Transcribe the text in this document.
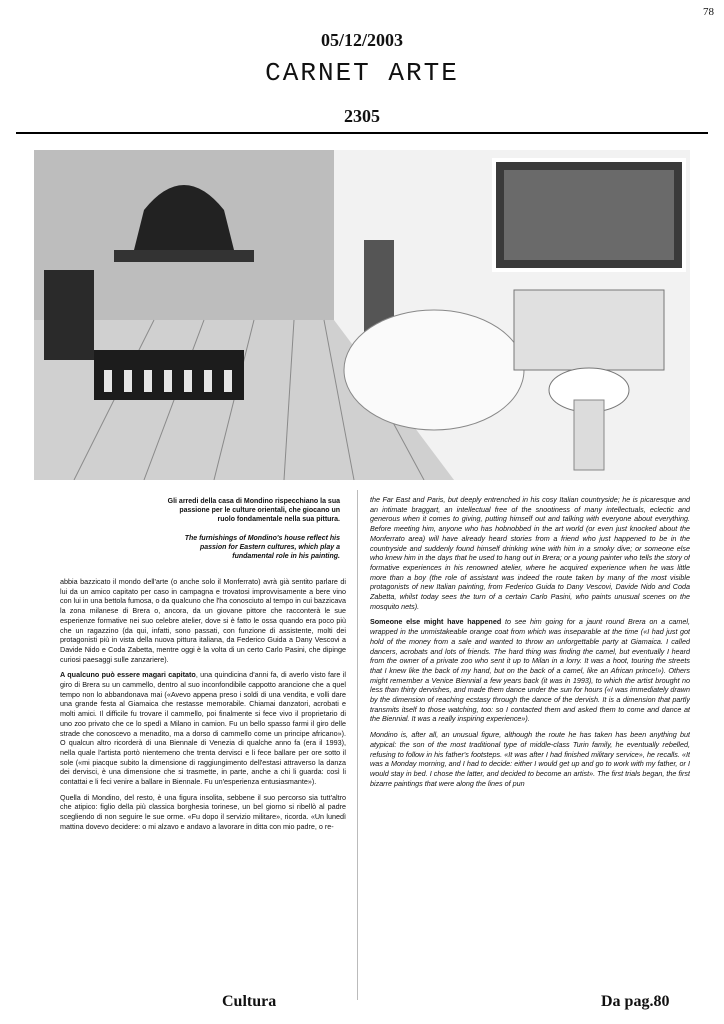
78
05/12/2003
CARNET ARTE
2305
Gli arredi della casa di Mondino rispecchiano la sua passione per le culture orientali, che giocano un ruolo fondamentale nella sua pittura.
The furnishings of Mondino's house reflect his passion for Eastern cultures, which play a fundamental role in his painting.

abbia bazzicato il mondo dell'arte (o anche solo il Monferrato) avrà già sentito parlare di lui da un amico capitato per caso in campagna e trovatosi improvvisamente a bere vino con lui in una bettola fumosa, o da qualcuno che l'ha conosciuto al tempo in cui bazzicava la zona milanese di Brera o, ancora, da un giovane pittore che racconterà le sue esperienze formative nei suo celebre atelier, dove si è fatto le ossa quando era poco più che un ragazzino (da qui, infatti, sono passati, con funzione di assistente, molti dei protagonisti più in vista della nuova pittura italiana, da Federico Guida a Dany Vescovi a Davide Nido e Coda Zabetta, mentre oggi è la volta di un certo Carlo Pasini, che dipinge curiosi paesaggi sulle zanzariere).

A qualcuno può essere magari capitato, una quindicina d'anni fa, di averlo visto fare il giro di Brera su un cammello, dentro al suo inconfondibile cappotto arancione che a quel tempo non lo abbandonava mai («Avevo appena preso i soldi di una vendita, e volli dare una grande festa al Giamaica che restasse memorabile. Chiamai danzatori, acrobati e molti amici. Il difficile fu trovare il cammello, poi finalmente si fece vivo il proprietario di uno zoo privato che ce lo spedì a Milano in camion. Fu un bello spasso farmi il giro delle strade che conoscevo a menadito, ma a dorso di cammello come un principe africano»). O qualcun altro ricorderà di una Biennale di Venezia di qualche anno fa (era il 1993), nella quale l'artista portò nientemeno che trenta dervisci e li fece ballare per ore sotto il sole («mi piacque subito la dimensione di raggiungimento dell'estasi attraverso la danza dei dervisci, è una dimensione che si trasmette, in parte, anche a chi li guarda: così li contattai e li feci venire a ballare in Biennale. Fu un'esperienza entusiasmante»).

Quella di Mondino, del resto, è una figura insolita, sebbene il suo percorso sia tutt'altro che atipico: figlio della più classica borghesia torinese, un bel giorno si ribellò al padre scegliendo di non seguire le sue orme. «Fu dopo il servizio militare», ricorda. «Un lunedì mattina dovevo decidere: o mi alzavo e andavo a lavorare in ditta con mio padre, o re-

the Far East and Paris, but deeply entrenched in his cosy Italian countryside; he is picaresque and an intimate braggart, an intellectual free of the snootiness of many intellectuals, eclectic and generous when it comes to giving, putting himself out and talking with everyone about everything. Before meeting him, anyone who has hobnobbed in the art world (or even just knocked about the Monferrato area) will have already heard stories from a friend who just happened to be in the countryside and suddenly found himself drinking wine with him in a smoky dive; or someone else who knew him in the days that he used to hang out in Brera; or a young painter who tells the story of formative experiences in his renowned atelier, where he acquired experience when he was little more than a boy (the role of assistant was indeed the route taken by many of the most visible protagonists of new Italian painting, from Federico Guida to Dany Vescovi, Davide Nido and Coda Zabetta, whilst today sees the turn of a certain Carlo Pasini, who paints unusual scenes on the mosquito nets).

Someone else might have happened to see him going for a jaunt round Brera on a camel, wrapped in the unmistakeable orange coat from which was inseparable at the time («I had just got hold of the money from a sale and wanted to throw an unforgettable party at Giamaica. I called dancers, acrobats and lots of friends. The hard thing was finding the camel, but eventually I heard from the owner of a private zoo who sent it up to Milan in a lorry. It was a hoot, touring the streets that I knew like the back of my hand, but on the back of a camel, like an African prince!»). Others might remember a Venice Biennial a few years back (it was in 1993), to which the artist brought no less than thirty dervishes, and made them dance under the sun for hours («I was immediately drawn by the dimension of reaching ecstasy through the dance of the dervish. It is a dimension that partly transmits itself to those watching, too: so I contacted them and asked them to come and dance at the Biennial. It was a really inspiring experience»).

Mondino is, after all, an unusual figure, although the route he has taken has been anything but atypical: the son of the most traditional type of middle-class Turin family, he eventually rebelled, refusing to follow in his father's footsteps. «It was after I had finished military service», he recalls. «It was a Monday morning, and I had to decide: either I would get up and go to work with my father, or I would stay in bed. I chose the latter, and decided to become an artist». The first trials began, the first bizarre paintings that were along the lines of pun

Cultura	Da pag.80
